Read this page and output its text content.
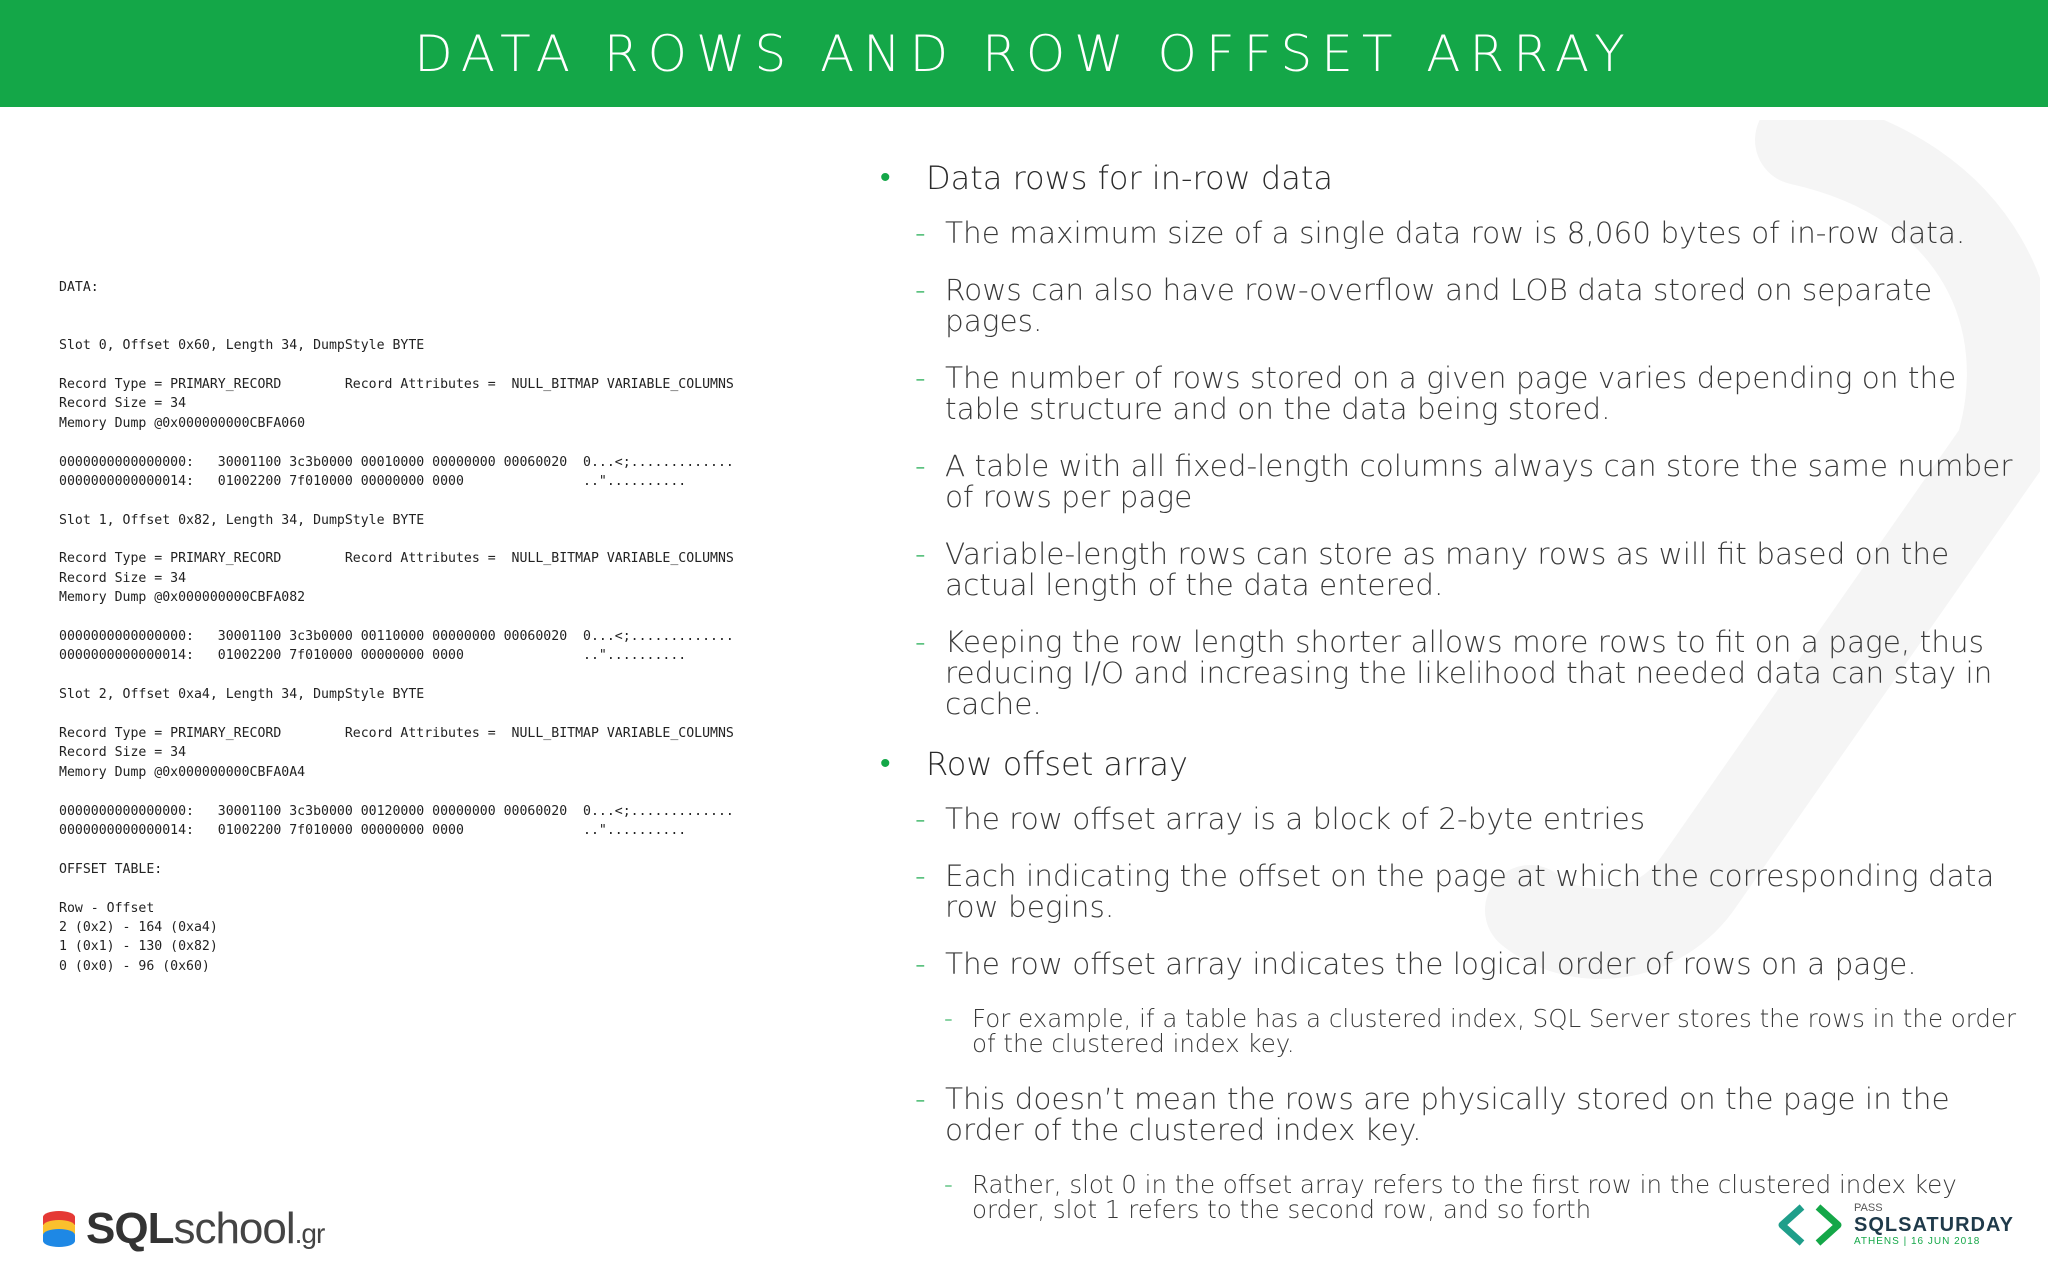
DATA ROWS AND ROW OFFSET ARRAY
DATA:
Slot 0, Offset 0x60, Length 34, DumpStyle BYTE
Record Type = PRIMARY_RECORD        Record Attributes =  NULL_BITMAP VARIABLE_COLUMNS
Record Size = 34
Memory Dump @0x000000000CBFA060
0000000000000000:   30001100 3c3b0000 00010000 00000000 00060020  0...<;.............
0000000000000014:   01002200 7f010000 00000000 0000               .."..........
Slot 1, Offset 0x82, Length 34, DumpStyle BYTE
Record Type = PRIMARY_RECORD        Record Attributes =  NULL_BITMAP VARIABLE_COLUMNS
Record Size = 34
Memory Dump @0x000000000CBFA082
0000000000000000:   30001100 3c3b0000 00110000 00000000 00060020  0...<;.............
0000000000000014:   01002200 7f010000 00000000 0000               .."..........
Slot 2, Offset 0xa4, Length 34, DumpStyle BYTE
Record Type = PRIMARY_RECORD        Record Attributes =  NULL_BITMAP VARIABLE_COLUMNS
Record Size = 34
Memory Dump @0x000000000CBFA0A4
0000000000000000:   30001100 3c3b0000 00120000 00000000 00060020  0...<;.............
0000000000000014:   01002200 7f010000 00000000 0000               .."..........
OFFSET TABLE:
Row - Offset
2 (0x2) - 164 (0xa4)
1 (0x1) - 130 (0x82)
0 (0x0) - 96 (0x60)
• Data rows for in-row data
- The maximum size of a single data row is 8,060 bytes of in-row data.
- Rows can also have row-overflow and LOB data stored on separate pages.
- The number of rows stored on a given page varies depending on the table structure and on the data being stored.
- A table with all fixed-length columns always can store the same number of rows per page
- Variable-length rows can store as many rows as will fit based on the actual length of the data entered.
- Keeping the row length shorter allows more rows to fit on a page, thus reducing I/O and increasing the likelihood that needed data can stay in cache.
• Row offset array
- The row offset array is a block of 2-byte entries
- Each indicating the offset on the page at which the corresponding data row begins.
- The row offset array indicates the logical order of rows on a page.
- For example, if a table has a clustered index, SQL Server stores the rows in the order of the clustered index key.
- This doesn’t mean the rows are physically stored on the page in the order of the clustered index key.
- Rather, slot 0 in the offset array refers to the first row in the clustered index key order, slot 1 refers to the second row, and so forth
SQLschool.gr
PASS
SQLSATURDAY
ATHENS | 16 JUN 2018
